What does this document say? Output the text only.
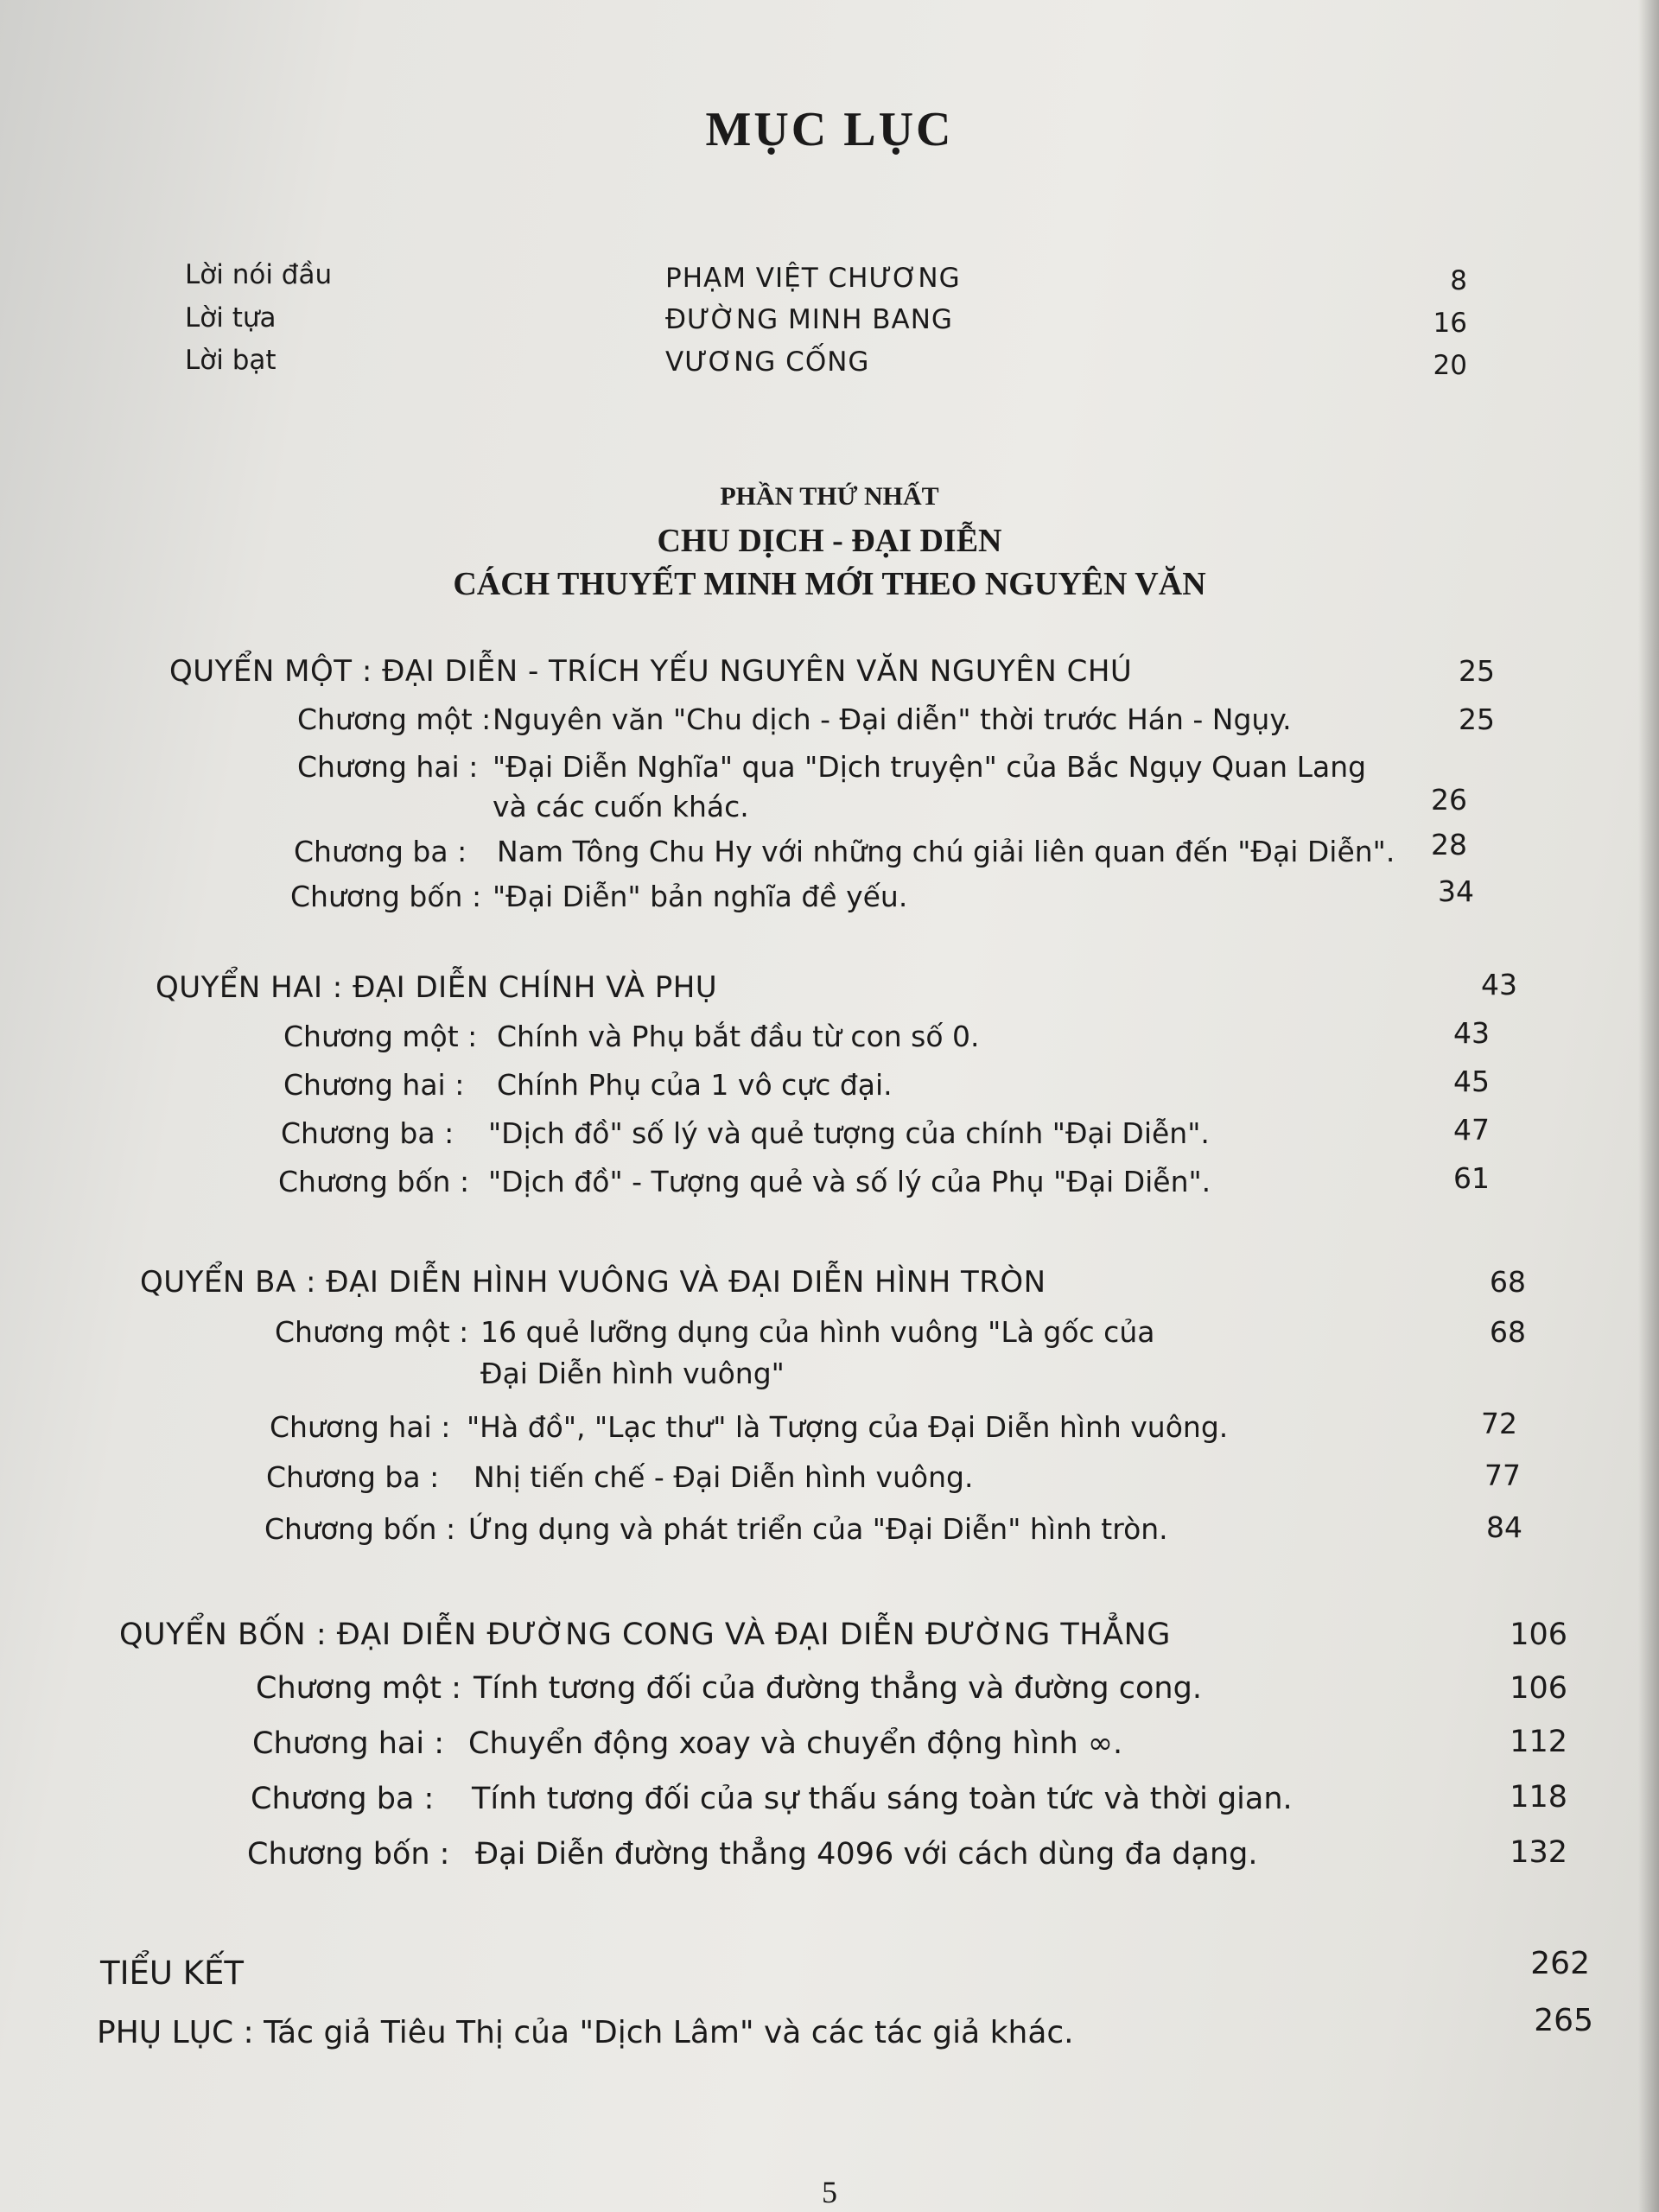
MỤC LỤC
Lời nói đầu	PHẠM VIỆT CHƯƠNG	8
Lời tựa	ĐƯỜNG MINH BANG	16
Lời bạt	VƯƠNG CỐNG	20
PHẦN THỨ NHẤT
CHU DỊCH - ĐẠI DIỄN
CÁCH THUYẾT MINH MỚI THEO NGUYÊN VĂN
QUYỂN MỘT : ĐẠI DIỄN - TRÍCH YẾU NGUYÊN VĂN NGUYÊN CHÚ	25
Chương một : Nguyên văn "Chu dịch - Đại diễn" thời trước Hán - Ngụy.	25
Chương hai : "Đại Diễn Nghĩa" qua "Dịch truyện" của Bắc Ngụy Quan Lang
và các cuốn khác.	26
Chương ba : Nam Tông Chu Hy với những chú giải liên quan đến "Đại Diễn". 28
Chương bốn : "Đại Diễn" bản nghĩa đề yếu.	34
QUYỂN HAI : ĐẠI DIỄN CHÍNH VÀ PHỤ	43
Chương một : Chính và Phụ bắt đầu từ con số 0.	43
Chương hai : Chính Phụ của 1 vô cực đại.	45
Chương ba : "Dịch đồ" số lý và quẻ tượng của chính "Đại Diễn".	47
Chương bốn : "Dịch đồ" - Tượng quẻ và số lý của Phụ "Đại Diễn".	61
QUYỂN BA : ĐẠI DIỄN HÌNH VUÔNG VÀ ĐẠI DIỄN HÌNH TRÒN	68
Chương một : 16 quẻ lưỡng dụng của hình vuông "Là gốc của
Đại Diễn hình vuông"
68
Chương hai : "Hà đồ", "Lạc thư" là Tượng của Đại Diễn hình vuông.	72
Chương ba : Nhị tiến chế - Đại Diễn hình vuông.	77
Chương bốn : Ứng dụng và phát triển của "Đại Diễn" hình tròn.	84
QUYỂN BỐN : ĐẠI DIỄN ĐƯỜNG CONG VÀ ĐẠI DIỄN ĐƯỜNG THẲNG	106
Chương một : Tính tương đối của đường thẳng và đường cong.	106
Chương hai : Chuyển động xoay và chuyển động hình ∞.	112
Chương ba : Tính tương đối của sự thấu sáng toàn tức và thời gian.	118
Chương bốn : Đại Diễn đường thẳng 4096 với cách dùng đa dạng.	132
TIỂU KẾT	262
PHỤ LỤC : Tác giả Tiêu Thị của "Dịch Lâm" và các tác giả khác.	265
5
